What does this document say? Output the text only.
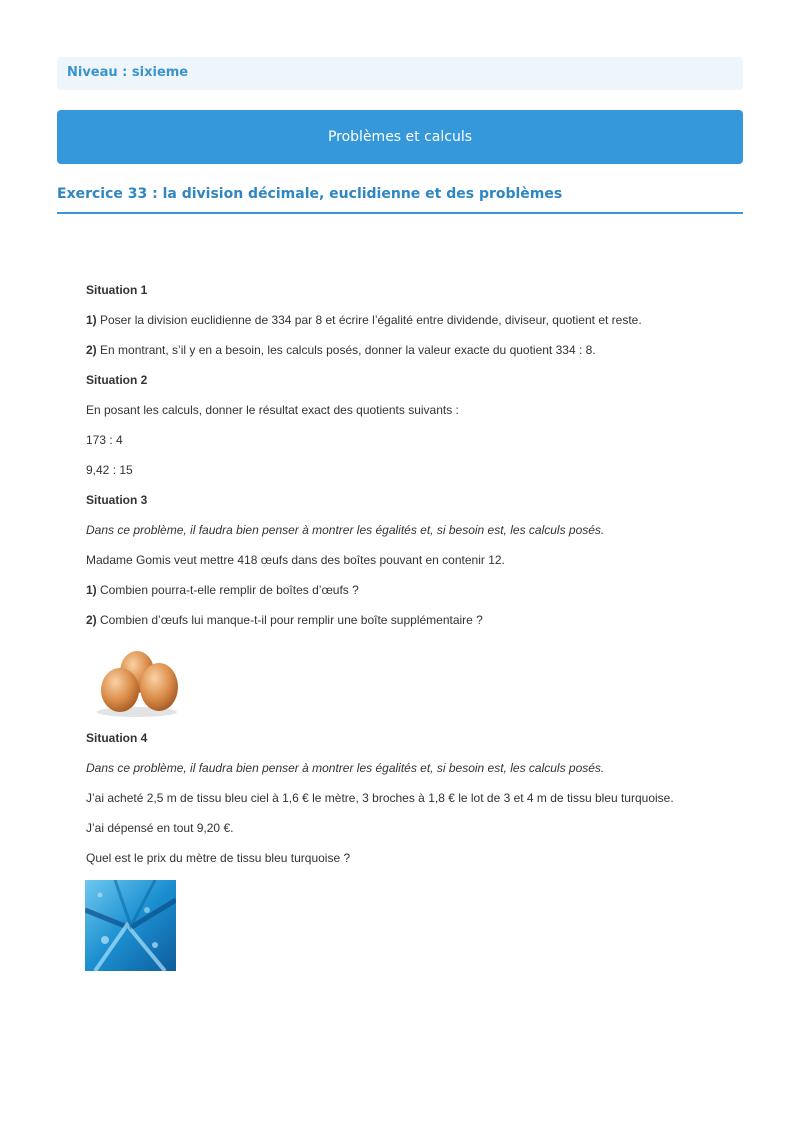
Niveau : sixieme
Problèmes et calculs
Exercice 33 : la division décimale, euclidienne et des problèmes

Situation 1

1) Poser la division euclidienne de 334 par 8 et écrire l’égalité entre dividende, diviseur, quotient et reste.

2) En montrant, s’il y en a besoin, les calculs posés, donner la valeur exacte du quotient 334 : 8.

Situation 2

En posant les calculs, donner le résultat exact des quotients suivants :

173 : 4

9,42 : 15

Situation 3

Dans ce problème, il faudra bien penser à montrer les égalités et, si besoin est, les calculs posés.

Madame Gomis veut mettre 418 œufs dans des boîtes pouvant en contenir 12.

1) Combien pourra-t-elle remplir de boîtes d’œufs ?

2) Combien d’œufs lui manque-t-il pour remplir une boîte supplémentaire ?

Situation 4

Dans ce problème, il faudra bien penser à montrer les égalités et, si besoin est, les calculs posés.

J’ai acheté 2,5 m de tissu bleu ciel à 1,6 € le mètre, 3 broches à 1,8 € le lot de 3 et 4 m de tissu bleu turquoise.

J’ai dépensé en tout 9,20 €.

Quel est le prix du mètre de tissu bleu turquoise ?
